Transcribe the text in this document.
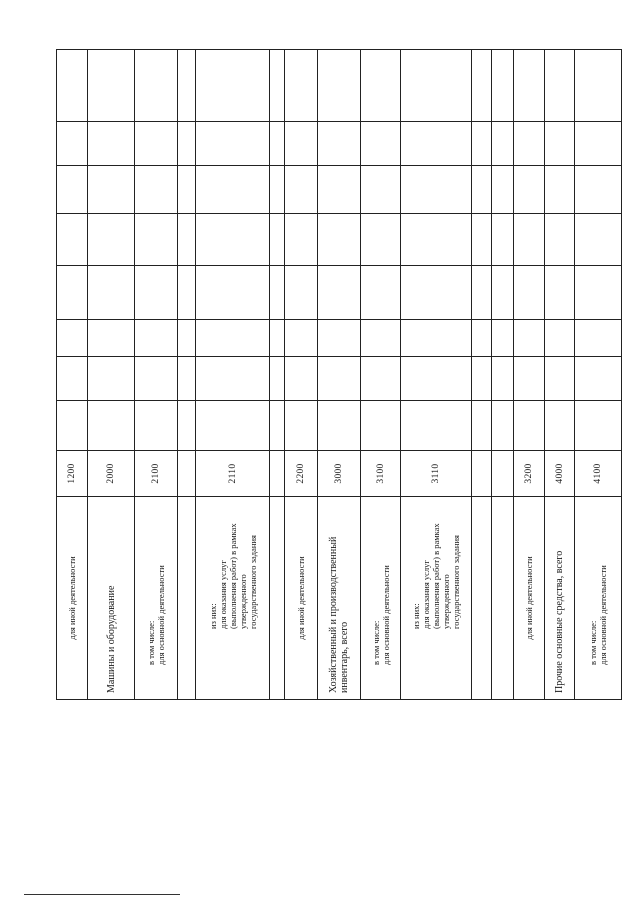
для иной деятельности	1200								

Машины и оборудование	2000								

в том числе: для основной деятельности	2100								

из них: для оказания услуг (выполнения работ) в рамках утвержденного государственного задания	2110								

для иной деятельности	2200								

Хозяйственный и производственный инвентарь, всего	3000								

в том числе: для основной деятельности	3100								

из них: для оказания услуг (выполнения работ) в рамках утвержденного государственного задания	3110								

для иной деятельности	3200								

Прочие основные средства, всего	4000								

в том числе: для основной деятельности	4100								
